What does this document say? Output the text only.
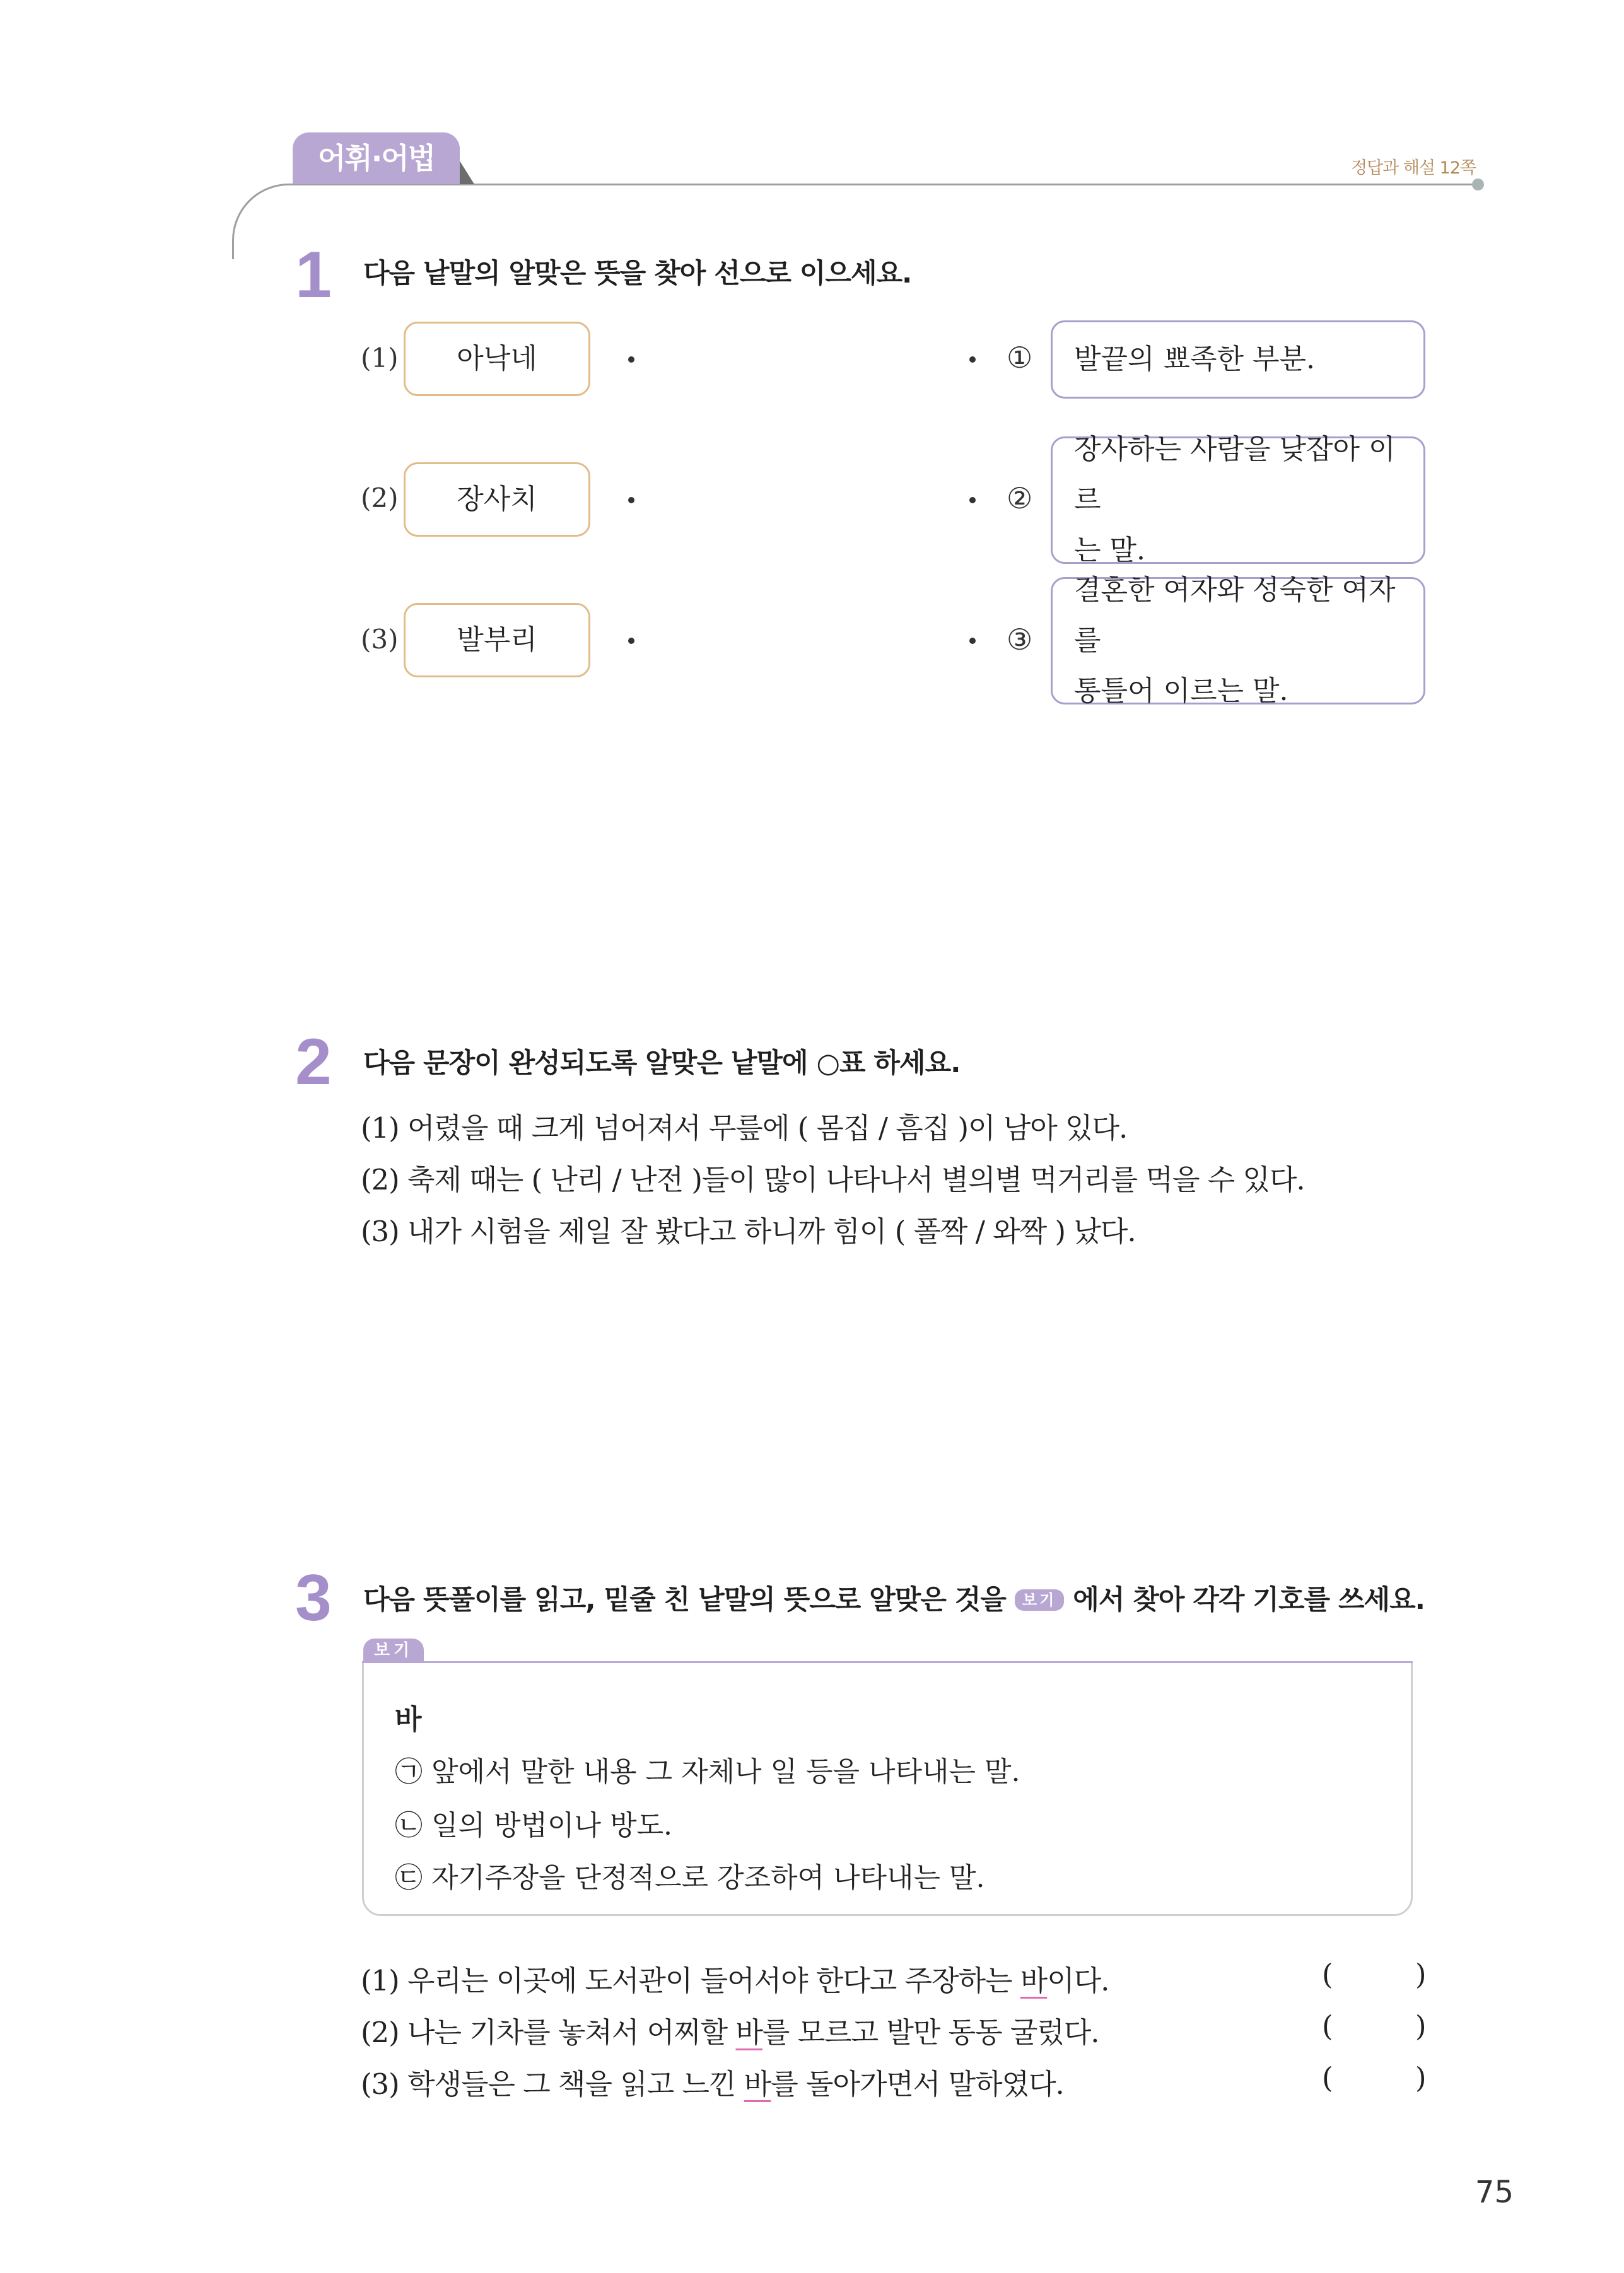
어휘·어법	정답과 해설 12쪽
1 다음 낱말의 알맞은 뜻을 찾아 선으로 이으세요.
(1)	아낙네
(2)	장사치
(3)	발부리
① 발끝의 뾰족한 부분.
②
장사하는 사람을 낮잡아 이르
는 말.
③
결혼한 여자와 성숙한 여자를
통틀어 이르는 말.
2 다음 문장이 완성되도록 알맞은 낱말에 ○표 하세요.
(1) 어렸을 때 크게 넘어져서 무릎에 ( 몸집 / 흠집 )이 남아 있다.
(2) 축제 때는 ( 난리 / 난전 )들이 많이 나타나서 별의별 먹거리를 먹을 수 있다.
(3) 내가 시험을 제일 잘 봤다고 하니까 힘이 ( 폴짝 / 와짝 ) 났다.
3 다음 뜻풀이를 읽고, 밑줄 친 낱말의 뜻으로 알맞은 것을 보기 에서 찾아 각각 기호를 쓰세요.
보기
바
㉠ 앞에서 말한 내용 그 자체나 일 등을 나타내는 말.
㉡ 일의 방법이나 방도.
㉢ 자기주장을 단정적으로 강조하여 나타내는 말.
(1) 우리는 이곳에 도서관이 들어서야 한다고 주장하는 바이다.	(	)
(2) 나는 기차를 놓쳐서 어찌할 바를 모르고 발만 동동 굴렀다.	(	)
(3) 학생들은 그 책을 읽고 느낀 바를 돌아가면서 말하였다.	(	)
75
